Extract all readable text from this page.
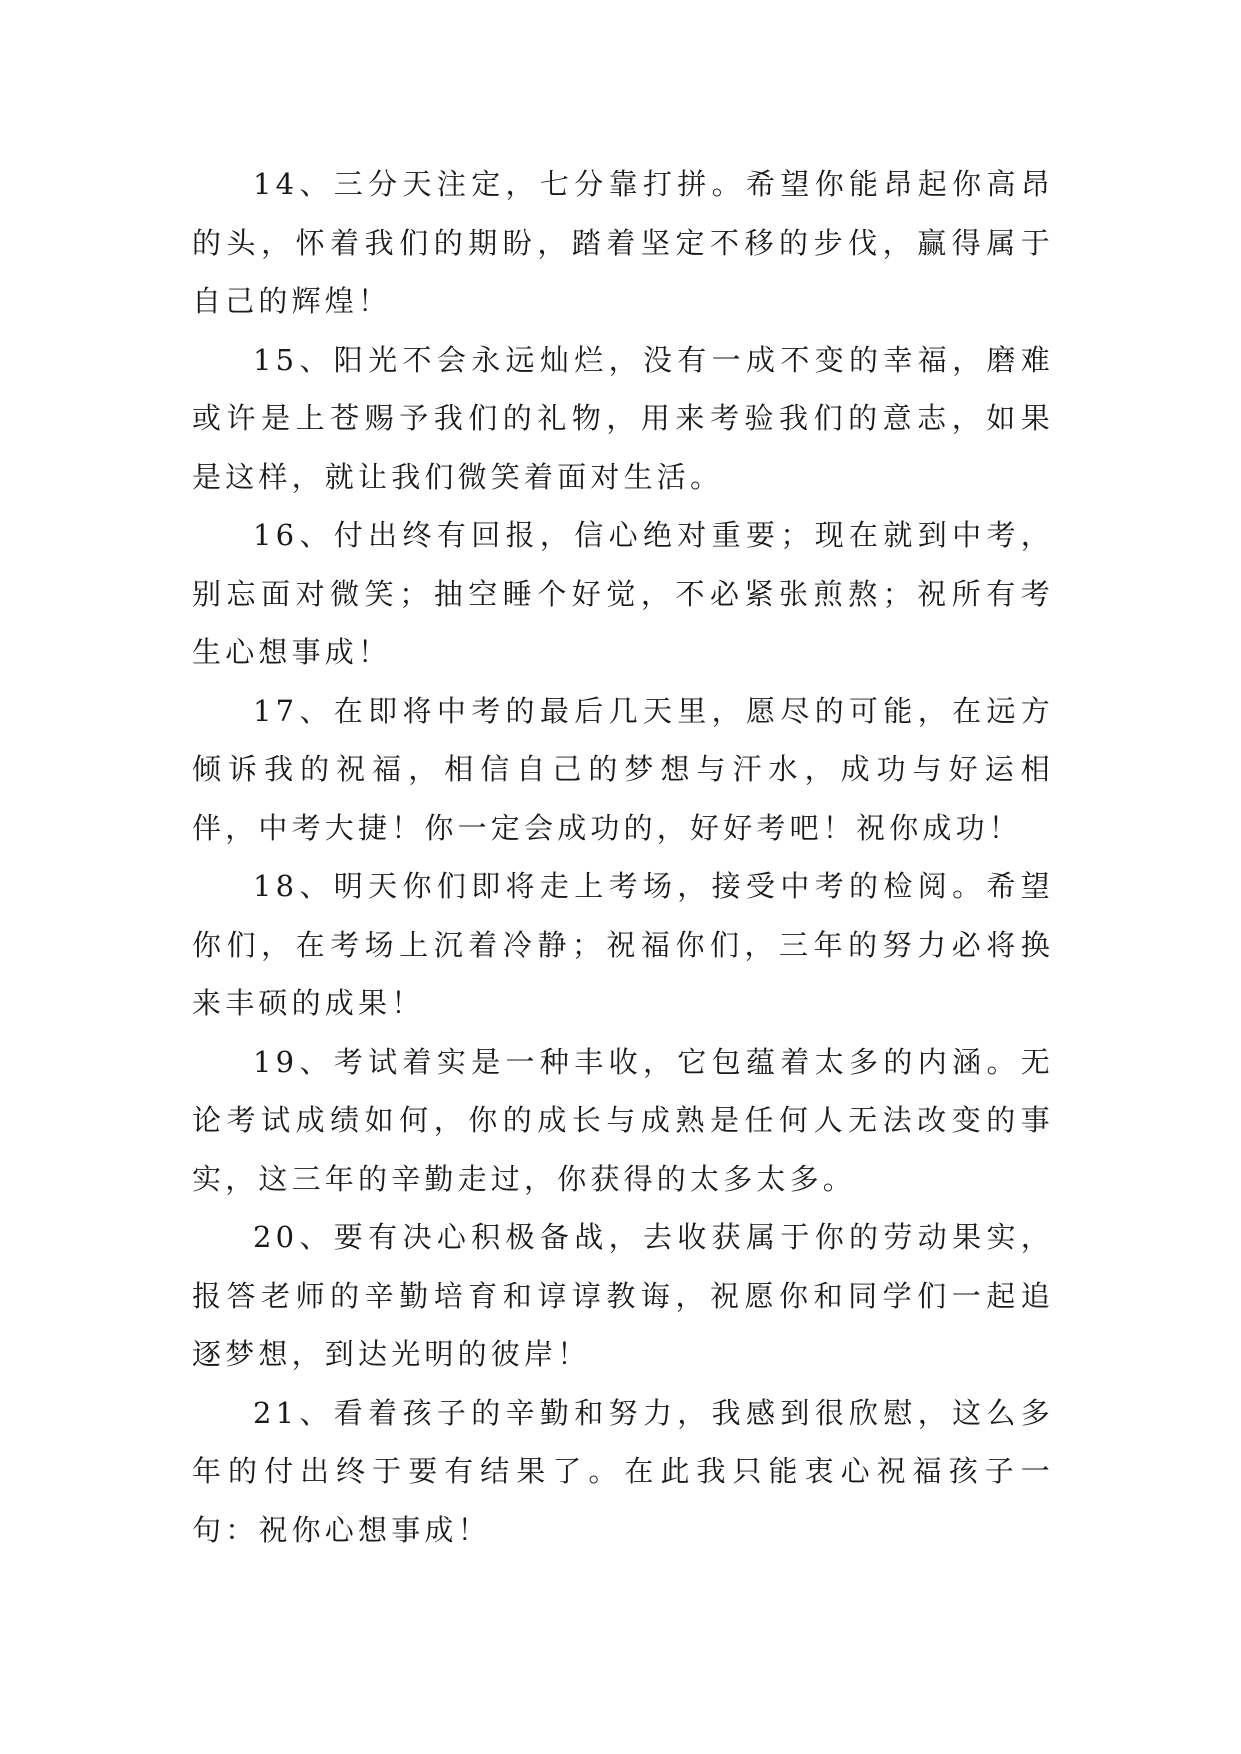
14、三分天注定，七分靠打拼。希望你能昂起你高昂的头，怀着我们的期盼，踏着坚定不移的步伐，赢得属于自己的辉煌！

15、阳光不会永远灿烂，没有一成不变的幸福，磨难或许是上苍赐予我们的礼物，用来考验我们的意志，如果是这样，就让我们微笑着面对生活。

16、付出终有回报，信心绝对重要；现在就到中考，别忘面对微笑；抽空睡个好觉，不必紧张煎熬；祝所有考生心想事成！

17、在即将中考的最后几天里，愿尽的可能，在远方倾诉我的祝福，相信自己的梦想与汗水，成功与好运相伴，中考大捷！你一定会成功的，好好考吧！祝你成功！

18、明天你们即将走上考场，接受中考的检阅。希望你们，在考场上沉着冷静；祝福你们，三年的努力必将换来丰硕的成果！

19、考试着实是一种丰收，它包蕴着太多的内涵。无论考试成绩如何，你的成长与成熟是任何人无法改变的事实，这三年的辛勤走过，你获得的太多太多。

20、要有决心积极备战，去收获属于你的劳动果实，报答老师的辛勤培育和谆谆教诲，祝愿你和同学们一起追逐梦想，到达光明的彼岸！

21、看着孩子的辛勤和努力，我感到很欣慰，这么多年的付出终于要有结果了。在此我只能衷心祝福孩子一句：祝你心想事成！
